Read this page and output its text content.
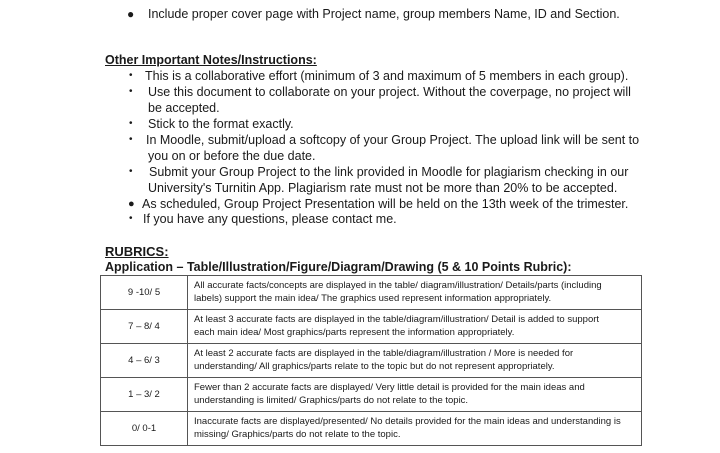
● Include proper cover page with Project name, group members Name, ID and Section.
Other Important Notes/Instructions:
• This is a collaborative effort (minimum of 3 and maximum of 5 members in each group).
• Use this document to collaborate on your project. Without the coverpage, no project will
be accepted.
• Stick to the format exactly.
• In Moodle, submit/upload a softcopy of your Group Project. The upload link will be sent to
you on or before the due date.
• Submit your Group Project to the link provided in Moodle for plagiarism checking in our
University's Turnitin App. Plagiarism rate must not be more than 20% to be accepted.
● As scheduled, Group Project Presentation will be held on the 13th week of the trimester.
• If you have any questions, please contact me.
RUBRICS:
Application – Table/Illustration/Figure/Diagram/Drawing (5 & 10 Points Rubric):
9 -10/ 5	All accurate facts/concepts are displayed in the table/ diagram/illustration/ Details/parts (including
labels) support the main idea/ The graphics used represent information appropriately.

7 – 8/ 4	At least 3 accurate facts are displayed in the table/diagram/illustration/ Detail is added to support
each main idea/ Most graphics/parts represent the information appropriately.

4 – 6/ 3	At least 2 accurate facts are displayed in the table/diagram/illustration / More is needed for
understanding/ All graphics/parts relate to the topic but do not represent appropriately.

1 – 3/ 2	Fewer than 2 accurate facts are displayed/ Very little detail is provided for the main ideas and
understanding is limited/ Graphics/parts do not relate to the topic.

0/ 0-1	Inaccurate facts are displayed/presented/ No details provided for the main ideas and understanding is
missing/ Graphics/parts do not relate to the topic.
